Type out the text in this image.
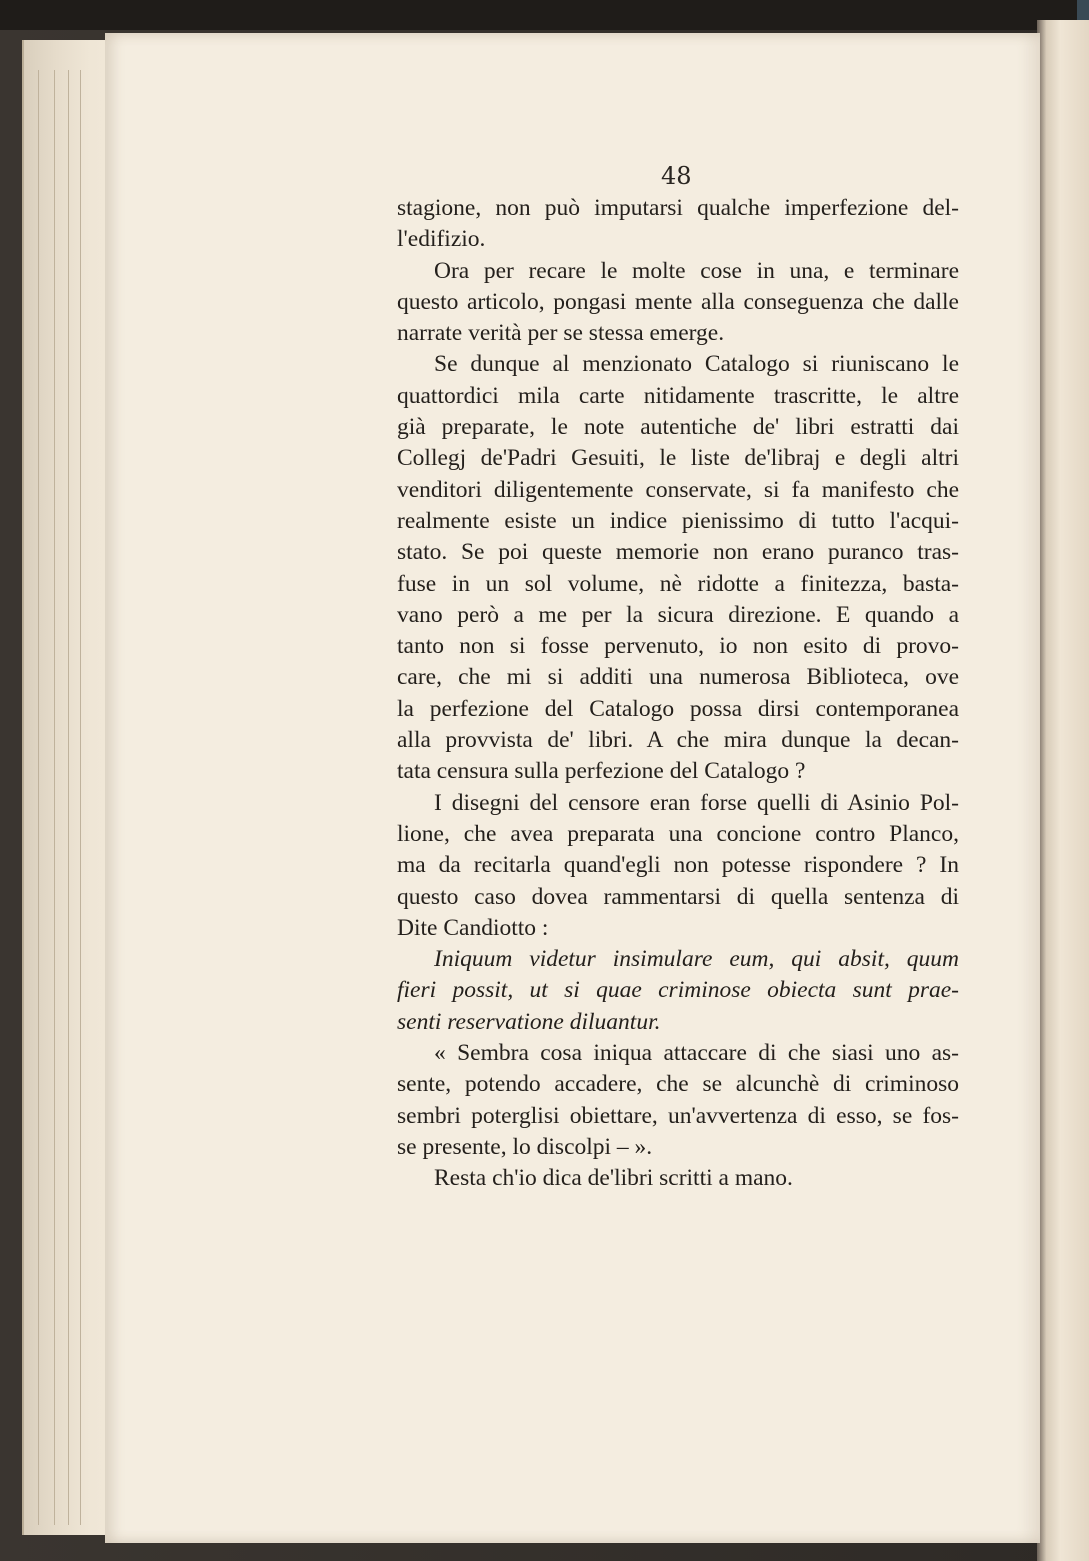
48
stagione, non può imputarsi qualche imperfezione del-
l'edifizio.
Ora per recare le molte cose in una, e terminare
questo articolo, pongasi mente alla conseguenza che dalle
narrate verità per se stessa emerge.
Se dunque al menzionato Catalogo si riuniscano le
quattordici mila carte nitidamente trascritte, le altre
già preparate, le note autentiche de' libri estratti dai
Collegj de'Padri Gesuiti, le liste de'libraj e degli altri
venditori diligentemente conservate, si fa manifesto che
realmente esiste un indice pienissimo di tutto l'acqui-
stato. Se poi queste memorie non erano puranco tras-
fuse in un sol volume, nè ridotte a finitezza, basta-
vano però a me per la sicura direzione. E quando a
tanto non si fosse pervenuto, io non esito di provo-
care, che mi si additi una numerosa Biblioteca, ove
la perfezione del Catalogo possa dirsi contemporanea
alla provvista de' libri. A che mira dunque la decan-
tata censura sulla perfezione del Catalogo ?
I disegni del censore eran forse quelli di Asinio Pol-
lione, che avea preparata una concione contro Planco,
ma da recitarla quand'egli non potesse rispondere ? In
questo caso dovea rammentarsi di quella sentenza di
Dite Candiotto :
Iniquum videtur insimulare eum, qui absit, quum
fieri possit, ut si quae criminose obiecta sunt prae-
senti reservatione diluantur.
« Sembra cosa iniqua attaccare di che siasi uno as-
sente, potendo accadere, che se alcunchè di criminoso
sembri poterglisi obiettare, un'avvertenza di esso, se fos-
se presente, lo discolpi – ».
Resta ch'io dica de'libri scritti a mano.
